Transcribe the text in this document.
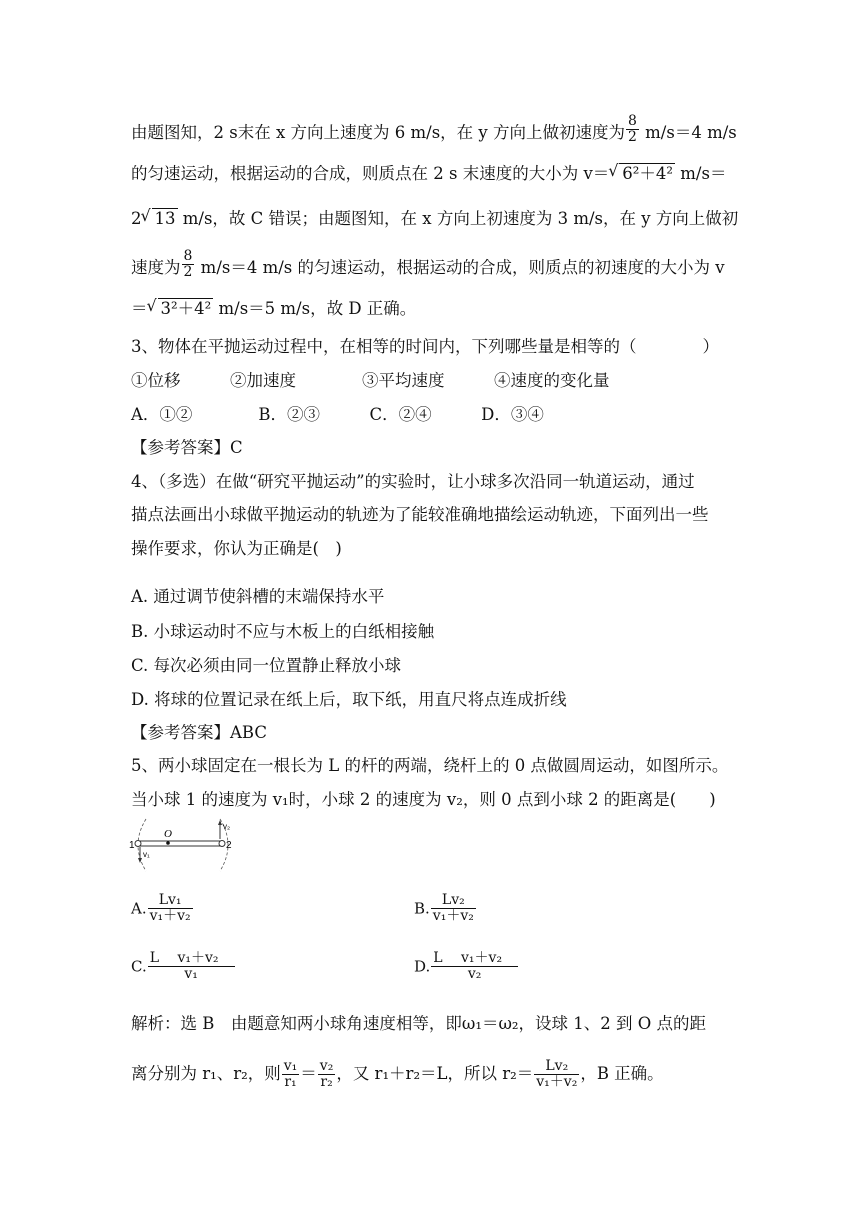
由题图知，2 s末在 x 方向上速度为 6 m/s，在 y 方向上做初速度为 $\frac{8}{2} m/s=4$ m/s
的匀速运动，根据运动的合成，则质点在 2 s 末速度的大小为 v＝ √ 6²＋4² m/s＝
2 √ 13 m/s，故 C 错误；由题图知，在 x 方向上初速度为 3 m/s，在 y 方向上做初
速度为 $\frac{8}{2} m/s=4$ m/s 的匀速运动，根据运动的合成，则质点的初速度的大小为 v
＝ √ 3²＋4² m/s＝5 m/s，故 D 正确。
3、物体在平抛运动过程中，在相等的时间内，下列哪些量是相等的（　　　　）
①位移　　　②加速度　　　　③平均速度　　　④速度的变化量
A．①②　　　　B．②③　　　C．②④　　　D．③④
【参考答案】C
4、（多选）在做“研究平抛运动”的实验时，让小球多次沿同一轨道运动，通过
描点法画出小球做平抛运动的轨迹为了能较准确地描绘运动轨迹，下面列出一些
操作要求，你认为正确是(　)
A. 通过调节使斜槽的末端保持水平
B. 小球运动时不应与木板上的白纸相接触
C. 每次必须由同一位置静止释放小球
D. 将球的位置记录在纸上后，取下纸，用直尺将点连成折线
【参考答案】ABC
5、两小球固定在一根长为 L 的杆的两端，绕杆上的 0 点做圆周运动，如图所示。
当小球 1 的速度为 v₁时，小球 2 的速度为 v₂，则 0 点到小球 2 的距离是(　　)
O
1	2
v₁
v₂
A. $\frac{\text{Lv₁}}{\text{v₁＋v₂}}$	B. $\frac{\text{Lv₂}}{\text{v₁＋v₂}}$
C. $\frac{\text{L　 v₁＋v₂}}{\text{v₁}}$	D. $\frac{\text{L　 v₁＋v₂}}{\text{v₂}}$
解析：选 B　由题意知两小球角速度相等，即ω₁＝ω₂，设球 1、2 到 O 点的距
离分别为 r₁、r₂，则 $\frac{\text{v₁}}{\text{r₁}} = \frac{\text{v₂}}{\text{r₂}}$ ，又 r₁＋r₂＝L，所以 $r_2= \frac{\text{Lv₂}}{\text{v₁＋v₂}}$ ，B 正确。
